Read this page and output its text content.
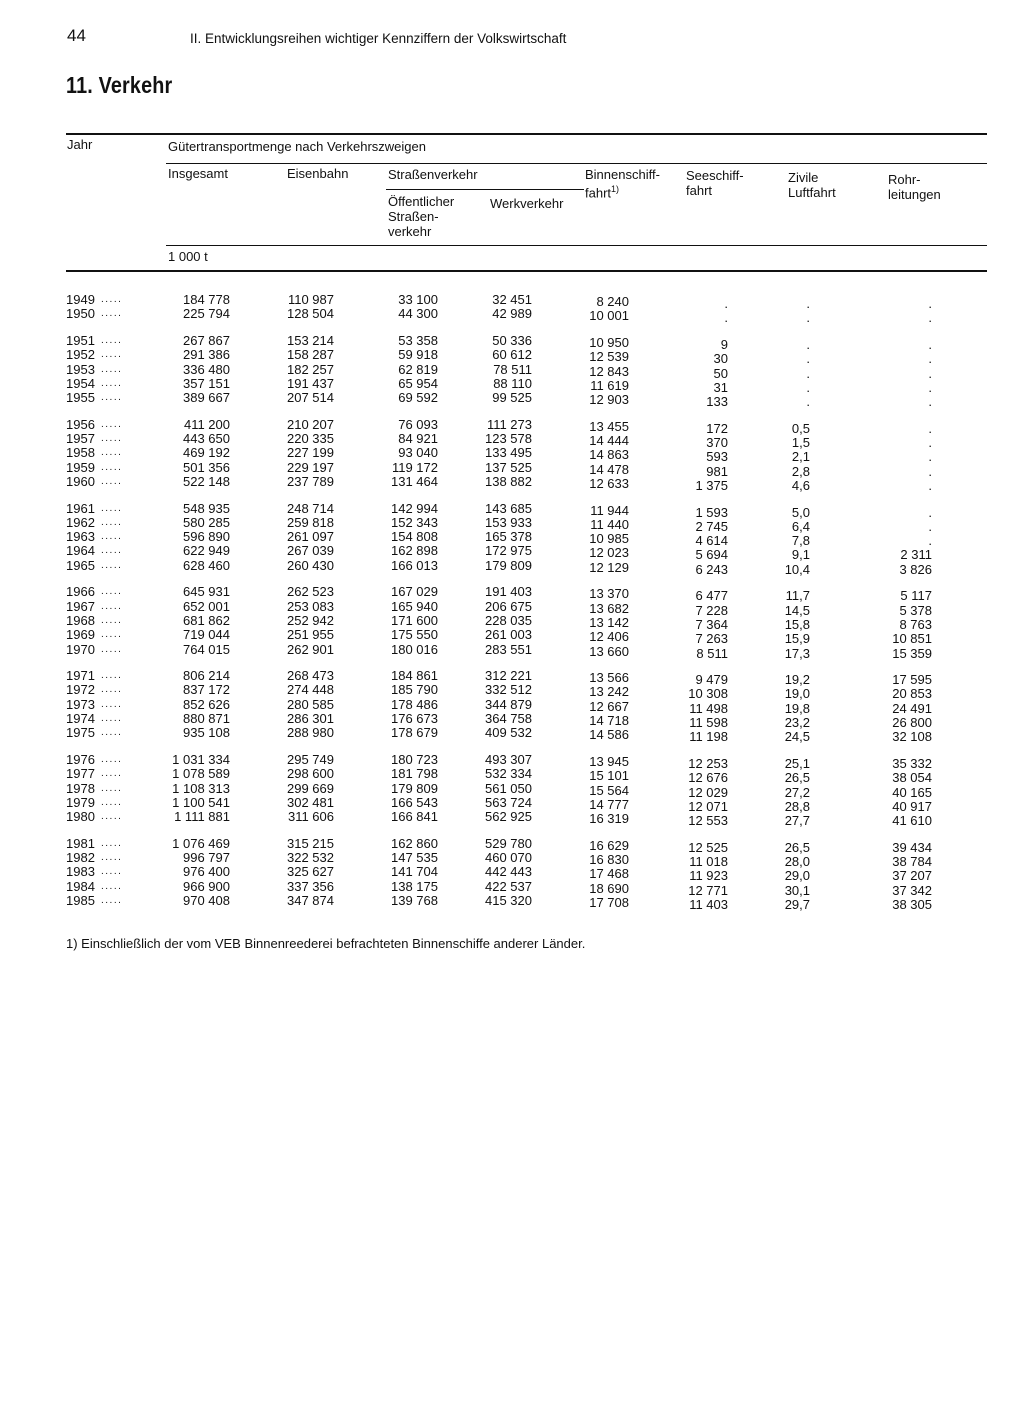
44	II. Entwicklungsreihen wichtiger Kennziffern der Volkswirtschaft
11. Verkehr
Jahr	Gütertransportmenge nach Verkehrszweigen
Insgesamt	Eisenbahn	Straßenverkehr
Öffentlicher
Straßen-
verkehr
Werkverkehr
Binnenschiff-
fahrt$^{1)}$
Seeschiff-
fahrt
Zivile
Luftfahrt
Rohr-
leitungen
1 000 t
1949 .....	184 778	110 987	33 100	32 451	8 240	.	.	.
1950 .....	225 794	128 504	44 300	42 989	10 001	.	.	.
1951 .....	267 867	153 214	53 358	50 336	10 950	9	.	.
1952 .....	291 386	158 287	59 918	60 612	12 539	30	.	.
1953 .....	336 480	182 257	62 819	78 511	12 843	50	.	.
1954 .....	357 151	191 437	65 954	88 110	11 619	31	.	.
1955 .....	389 667	207 514	69 592	99 525	12 903	133	.	.
1956 .....	411 200	210 207	76 093	111 273	13 455	172	0,5	.
1957 .....	443 650	220 335	84 921	123 578	14 444	370	1,5	.
1958 .....	469 192	227 199	93 040	133 495	14 863	593	2,1	.
1959 .....	501 356	229 197	119 172	137 525	14 478	981	2,8	.
1960 .....	522 148	237 789	131 464	138 882	12 633	1 375	4,6	.
1961 .....	548 935	248 714	142 994	143 685	11 944	1 593	5,0	.
1962 .....	580 285	259 818	152 343	153 933	11 440	2 745	6,4	.
1963 .....	596 890	261 097	154 808	165 378	10 985	4 614	7,8	.
1964 .....	622 949	267 039	162 898	172 975	12 023	5 694	9,1	2 311
1965 .....	628 460	260 430	166 013	179 809	12 129	6 243	10,4	3 826
1966 .....	645 931	262 523	167 029	191 403	13 370	6 477	11,7	5 117
1967 .....	652 001	253 083	165 940	206 675	13 682	7 228	14,5	5 378
1968 .....	681 862	252 942	171 600	228 035	13 142	7 364	15,8	8 763
1969 .....	719 044	251 955	175 550	261 003	12 406	7 263	15,9	10 851
1970 .....	764 015	262 901	180 016	283 551	13 660	8 511	17,3	15 359
1971 .....	806 214	268 473	184 861	312 221	13 566	9 479	19,2	17 595
1972 .....	837 172	274 448	185 790	332 512	13 242	10 308	19,0	20 853
1973 .....	852 626	280 585	178 486	344 879	12 667	11 498	19,8	24 491
1974 .....	880 871	286 301	176 673	364 758	14 718	11 598	23,2	26 800
1975 .....	935 108	288 980	178 679	409 532	14 586	11 198	24,5	32 108
1976 .....	1 031 334	295 749	180 723	493 307	13 945	12 253	25,1	35 332
1977 .....	1 078 589	298 600	181 798	532 334	15 101	12 676	26,5	38 054
1978 .....	1 108 313	299 669	179 809	561 050	15 564	12 029	27,2	40 165
1979 .....	1 100 541	302 481	166 543	563 724	14 777	12 071	28,8	40 917
1980 .....	1 111 881	311 606	166 841	562 925	16 319	12 553	27,7	41 610
1981 .....	1 076 469	315 215	162 860	529 780	16 629	12 525	26,5	39 434
1982 .....	996 797	322 532	147 535	460 070	16 830	11 018	28,0	38 784
1983 .....	976 400	325 627	141 704	442 443	17 468	11 923	29,0	37 207
1984 .....	966 900	337 356	138 175	422 537	18 690	12 771	30,1	37 342
1985 .....	970 408	347 874	139 768	415 320	17 708	11 403	29,7	38 305
1) Einschließlich der vom VEB Binnenreederei befrachteten Binnenschiffe anderer Länder.
